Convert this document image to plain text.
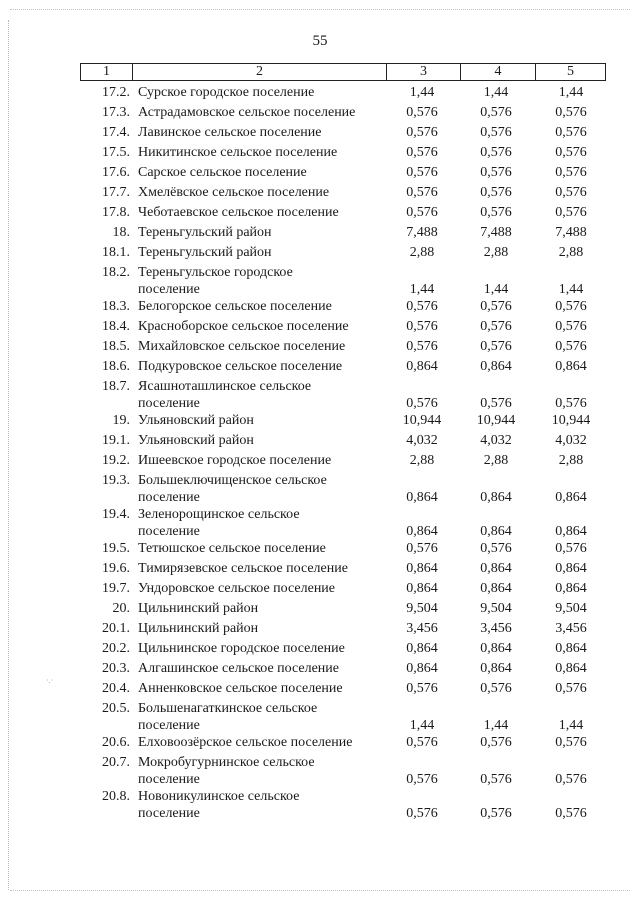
·.·
55
1	2	3	4	5
17.2. Сурское городское поселение	1,44	1,44	1,44
17.3. Астрадамовское сельское поселение	0,576	0,576	0,576
17.4. Лавинское сельское поселение	0,576	0,576	0,576
17.5. Никитинское сельское поселение	0,576	0,576	0,576
17.6. Сарское сельское поселение	0,576	0,576	0,576
17.7. Хмелёвское сельское поселение	0,576	0,576	0,576
17.8. Чеботаевское сельское поселение	0,576	0,576	0,576
18. Тереньгульский район	7,488	7,488	7,488
18.1. Тереньгульский район	2,88	2,88	2,88
18.2. Тереньгульское городское
поселение	1,44	1,44	1,44
18.3. Белогорское сельское поселение	0,576	0,576	0,576
18.4. Красноборское сельское поселение	0,576	0,576	0,576
18.5. Михайловское сельское поселение	0,576	0,576	0,576
18.6. Подкуровское сельское поселение	0,864	0,864	0,864
18.7. Ясашноташлинское сельское
поселение	0,576	0,576	0,576
19. Ульяновский район	10,944	10,944	10,944
19.1. Ульяновский район	4,032	4,032	4,032
19.2. Ишеевское городское поселение	2,88	2,88	2,88
19.3. Большеключищенское сельское
поселение	0,864	0,864	0,864
19.4. Зеленорощинское сельское
поселение	0,864	0,864	0,864
19.5. Тетюшское сельское поселение	0,576	0,576	0,576
19.6. Тимирязевское сельское поселение	0,864	0,864	0,864
19.7. Ундоровское сельское поселение	0,864	0,864	0,864
20. Цильнинский район	9,504	9,504	9,504
20.1. Цильнинский район	3,456	3,456	3,456
20.2. Цильнинское городское поселение	0,864	0,864	0,864
20.3. Алгашинское сельское поселение	0,864	0,864	0,864
20.4. Анненковское сельское поселение	0,576	0,576	0,576
20.5. Большенагаткинское сельское
поселение	1,44	1,44	1,44
20.6. Елховоозёрское сельское поселение	0,576	0,576	0,576
20.7. Мокробугурнинское сельское
поселение	0,576	0,576	0,576
20.8. Новоникулинское сельское
поселение	0,576	0,576	0,576
